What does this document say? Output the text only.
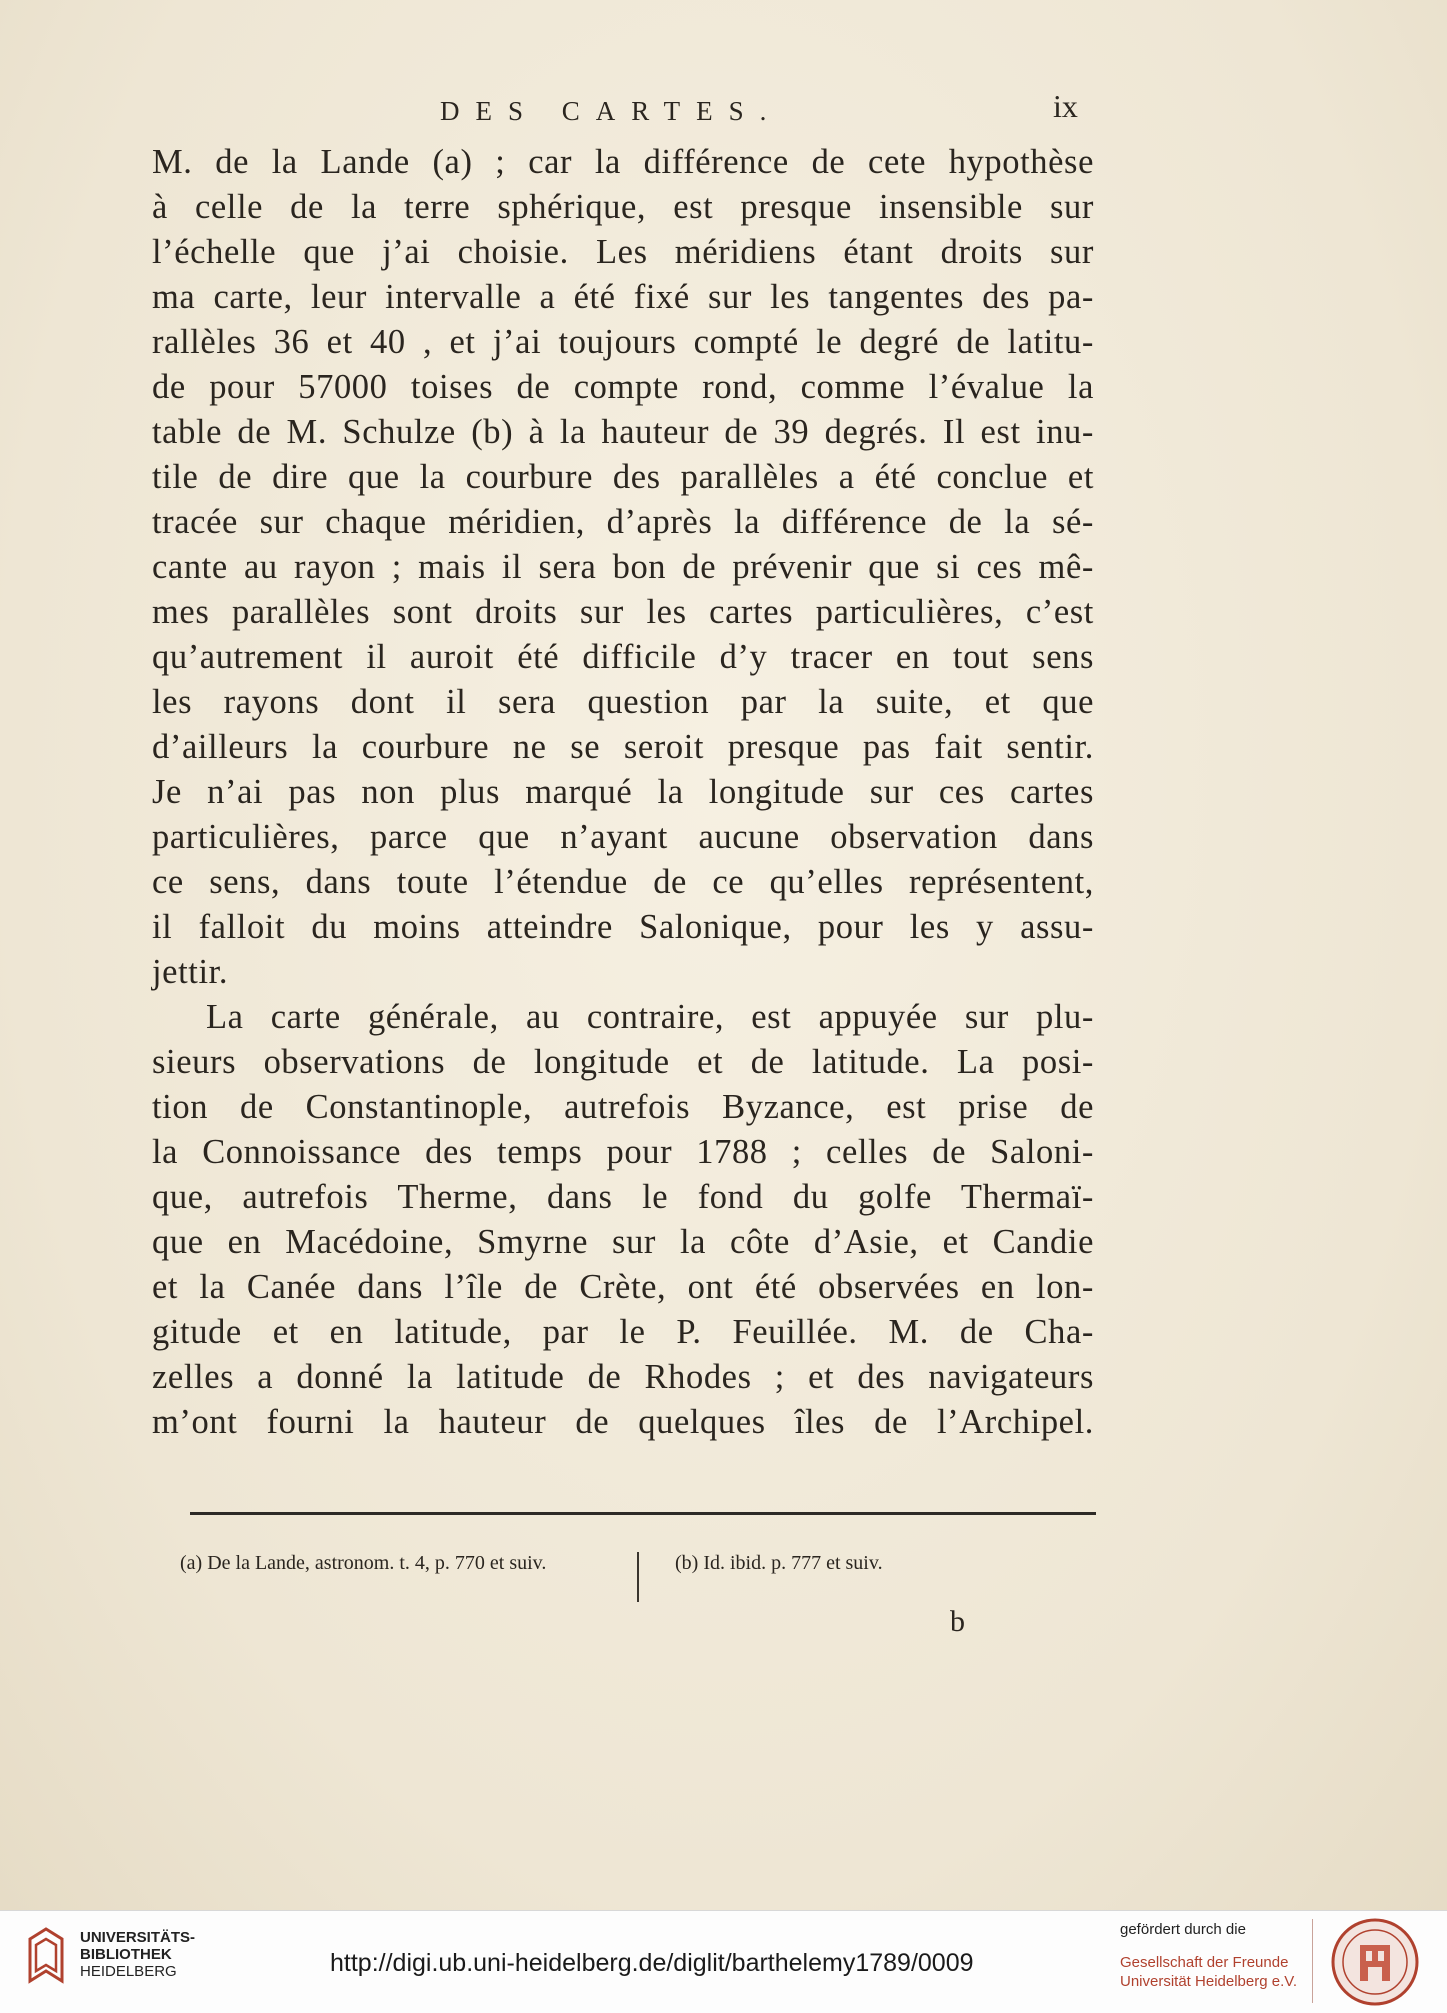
DES CARTES.	ix
M. de la Lande (a) ; car la différence de cete hypothèse
à celle de la terre sphérique, est presque insensible sur
l’échelle que j’ai choisie. Les méridiens étant droits sur
ma carte, leur intervalle a été fixé sur les tangentes des pa-
rallèles 36 et 40 , et j’ai toujours compté le degré de latitu-
de pour 57000 toises de compte rond, comme l’évalue la
table de M. Schulze (b) à la hauteur de 39 degrés. Il est inu-
tile de dire que la courbure des parallèles a été conclue et
tracée sur chaque méridien, d’après la différence de la sé-
cante au rayon ; mais il sera bon de prévenir que si ces mê-
mes parallèles sont droits sur les cartes particulières, c’est
qu’autrement il auroit été difficile d’y tracer en tout sens
les rayons dont il sera question par la suite, et que
d’ailleurs la courbure ne se seroit presque pas fait sentir.
Je n’ai pas non plus marqué la longitude sur ces cartes
particulières, parce que n’ayant aucune observation dans
ce sens, dans toute l’étendue de ce qu’elles représentent,
il falloit du moins atteindre Salonique, pour les y assu-
jettir.
La carte générale, au contraire, est appuyée sur plu-
sieurs observations de longitude et de latitude. La posi-
tion de Constantinople, autrefois Byzance, est prise de
la Connoissance des temps pour 1788 ; celles de Saloni-
que, autrefois Therme, dans le fond du golfe Thermaï-
que en Macédoine, Smyrne sur la côte d’Asie, et Candie
et la Canée dans l’île de Crète, ont été observées en lon-
gitude et en latitude, par le P. Feuillée. M. de Cha-
zelles a donné la latitude de Rhodes ; et des navigateurs
m’ont fourni la hauteur de quelques îles de l’Archipel.
(a) De la Lande, astronom. t. 4, p. 770 et suiv.	(b) Id. ibid. p. 777 et suiv.
b
UNIVERSITÄTS-
BIBLIOTHEK
HEIDELBERG	http://digi.ub.uni-heidelberg.de/diglit/barthelemy1789/0009
gefördert durch die
Gesellschaft der Freunde
Universität Heidelberg e.V.
